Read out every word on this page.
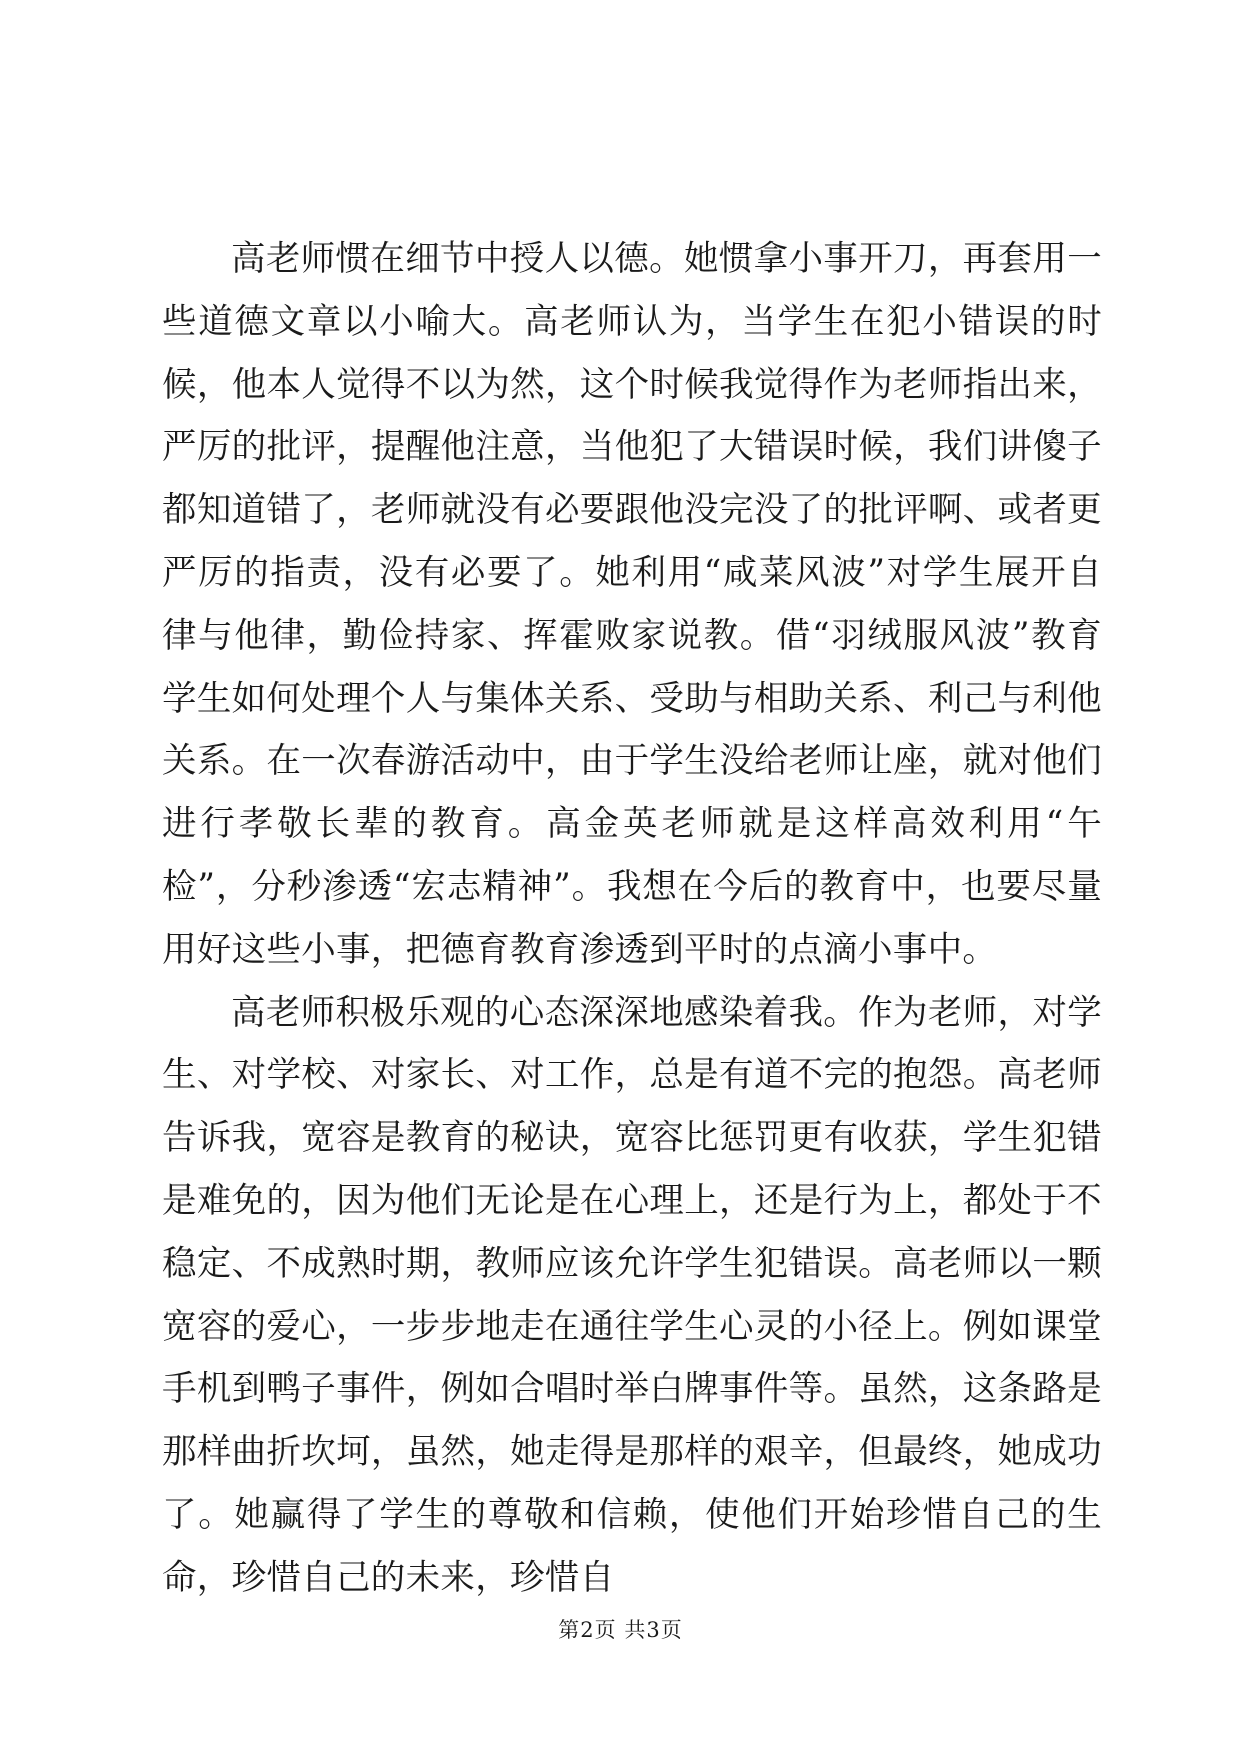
高老师惯在细节中授人以德。她惯拿小事开刀，再套用一些道德文章以小喻大。高老师认为，当学生在犯小错误的时候，他本人觉得不以为然，这个时候我觉得作为老师指出来，严厉的批评，提醒他注意，当他犯了大错误时候，我们讲傻子都知道错了，老师就没有必要跟他没完没了的批评啊、或者更严厉的指责，没有必要了。她利用“咸菜风波”对学生展开自律与他律，勤俭持家、挥霍败家说教。借“羽绒服风波”教育学生如何处理个人与集体关系、受助与相助关系、利己与利他关系。在一次春游活动中，由于学生没给老师让座，就对他们进行孝敬长辈的教育。高金英老师就是这样高效利用“午检”，分秒渗透“宏志精神”。我想在今后的教育中，也要尽量用好这些小事，把德育教育渗透到平时的点滴小事中。

高老师积极乐观的心态深深地感染着我。作为老师，对学生、对学校、对家长、对工作，总是有道不完的抱怨。高老师告诉我，宽容是教育的秘诀，宽容比惩罚更有收获，学生犯错是难免的，因为他们无论是在心理上，还是行为上，都处于不稳定、不成熟时期，教师应该允许学生犯错误。高老师以一颗宽容的爱心，一步步地走在通往学生心灵的小径上。例如课堂手机到鸭子事件，例如合唱时举白牌事件等。虽然，这条路是那样曲折坎坷，虽然，她走得是那样的艰辛，但最终，她成功了。她赢得了学生的尊敬和信赖，使他们开始珍惜自己的生命，珍惜自己的未来，珍惜自

第2页 共3页
